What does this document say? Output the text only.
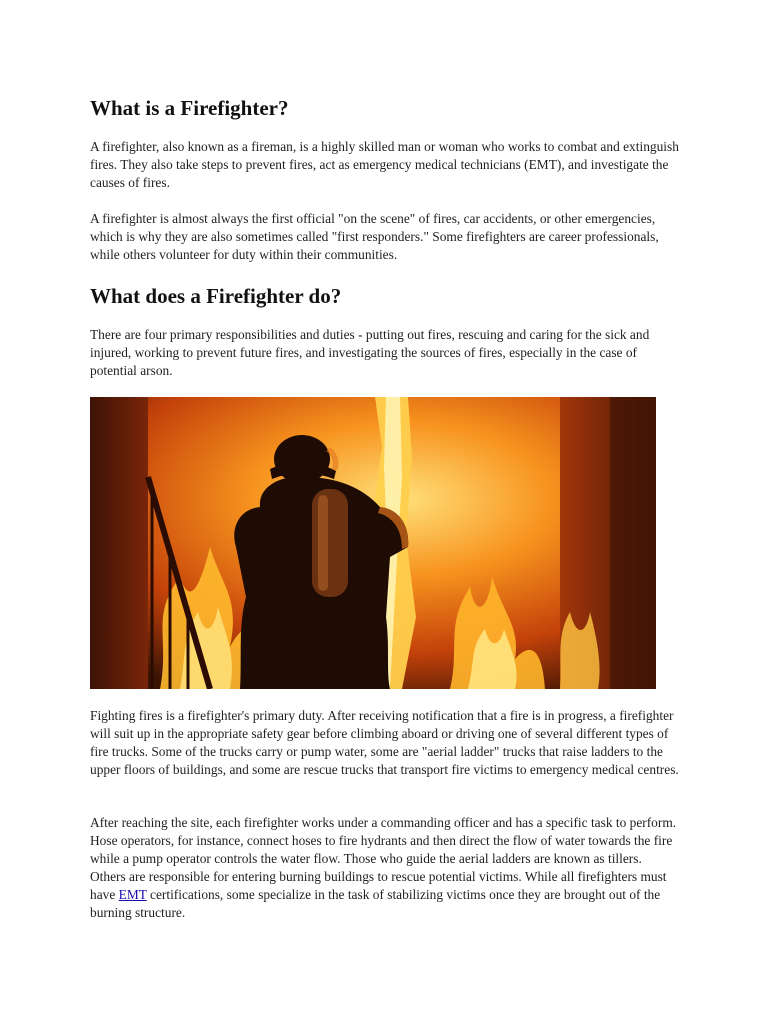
What is a Firefighter?

A firefighter, also known as a fireman, is a highly skilled man or woman who works to combat and extinguish fires. They also take steps to prevent fires, act as emergency medical technicians (EMT), and investigate the causes of fires.

A firefighter is almost always the first official "on the scene" of fires, car accidents, or other emergencies, which is why they are also sometimes called "first responders." Some firefighters are career professionals, while others volunteer for duty within their communities.

What does a Firefighter do?

There are four primary responsibilities and duties - putting out fires, rescuing and caring for the sick and injured, working to prevent future fires, and investigating the sources of fires, especially in the case of potential arson.

Fighting fires is a firefighter's primary duty. After receiving notification that a fire is in progress, a firefighter will suit up in the appropriate safety gear before climbing aboard or driving one of several different types of fire trucks. Some of the trucks carry or pump water, some are "aerial ladder" trucks that raise ladders to the upper floors of buildings, and some are rescue trucks that transport fire victims to emergency medical centres.

After reaching the site, each firefighter works under a commanding officer and has a specific task to perform. Hose operators, for instance, connect hoses to fire hydrants and then direct the flow of water towards the fire while a pump operator controls the water flow. Those who guide the aerial ladders are known as tillers. Others are responsible for entering burning buildings to rescue potential victims. While all firefighters must have EMT certifications, some specialize in the task of stabilizing victims once they are brought out of the burning structure.
